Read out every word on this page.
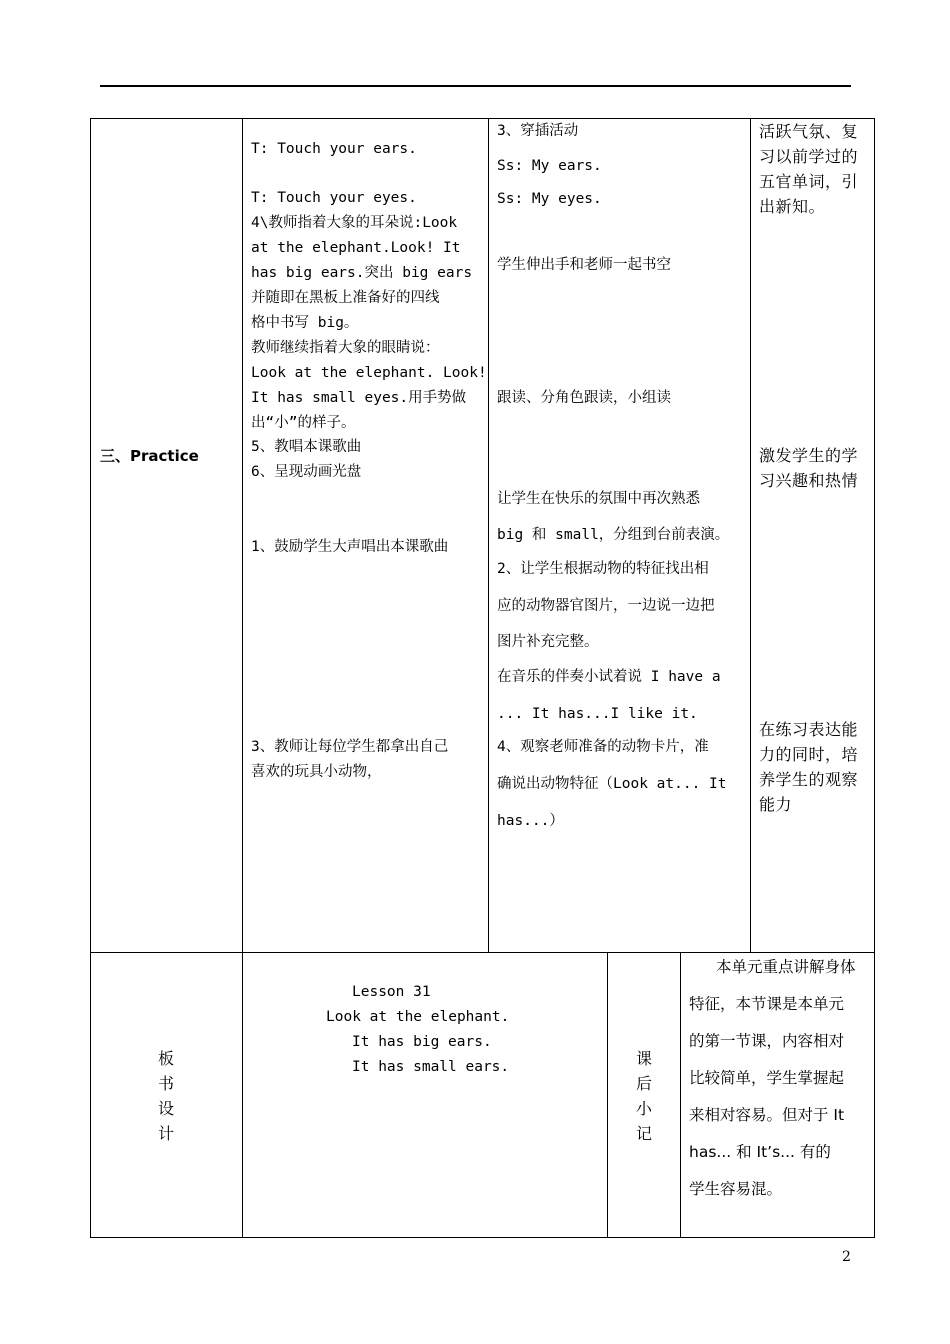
三、Practice
T: Touch your ears.
T: Touch your eyes.
4\教师指着大象的耳朵说:Look
at the elephant.Look! It
has big ears.突出 big ears
并随即在黑板上准备好的四线
格中书写 big。
教师继续指着大象的眼睛说：
Look at the elephant. Look!
It has small eyes.用手势做
出“小”的样子。
5、教唱本课歌曲
6、呈现动画光盘
1、鼓励学生大声唱出本课歌曲
3、教师让每位学生都拿出自己
喜欢的玩具小动物，
3、穿插活动
Ss: My ears.
Ss: My eyes.
学生伸出手和老师一起书空
跟读、分角色跟读，小组读
让学生在快乐的氛围中再次熟悉
big 和 small，分组到台前表演。
2、让学生根据动物的特征找出相
应的动物器官图片，一边说一边把
图片补充完整。
在音乐的伴奏小试着说 I have a
... It has...I like it.
4、观察老师准备的动物卡片，准
确说出动物特征（Look at... It
has...）
活跃气氛、复
习以前学过的
五官单词，引
出新知。
激发学生的学
习兴趣和热情
在练习表达能
力的同时，培
养学生的观察
能力
板
书
设
计
Lesson 31
Look at the elephant.
It has big ears.
It has small ears.	课
后
小
记
本单元重点讲解身体
特征，本节课是本单元
的第一节课，内容相对
比较简单，学生掌握起
来相对容易。但对于 It
has... 和 It’s... 有的
学生容易混。
2
